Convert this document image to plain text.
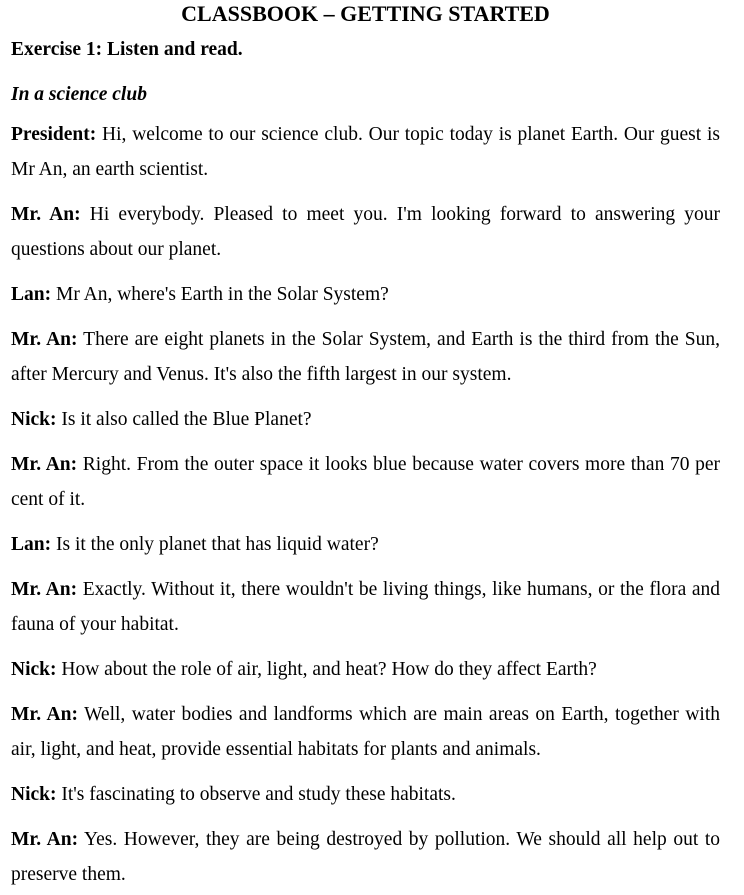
CLASSBOOK – GETTING STARTED

Exercise 1: Listen and read.

In a science club

President: Hi, welcome to our science club. Our topic today is planet Earth. Our guest is Mr An, an earth scientist.

Mr. An: Hi everybody. Pleased to meet you. I'm looking forward to answering your questions about our planet.

Lan: Mr An, where's Earth in the Solar System?

Mr. An: There are eight planets in the Solar System, and Earth is the third from the Sun, after Mercury and Venus. It's also the fifth largest in our system.

Nick: Is it also called the Blue Planet?

Mr. An: Right. From the outer space it looks blue because water covers more than 70 per cent of it.

Lan: Is it the only planet that has liquid water?

Mr. An: Exactly. Without it, there wouldn't be living things, like humans, or the flora and fauna of your habitat.

Nick: How about the role of air, light, and heat? How do they affect Earth?

Mr. An: Well, water bodies and landforms which are main areas on Earth, together with air, light, and heat, provide essential habitats for plants and animals.

Nick: It's fascinating to observe and study these habitats.

Mr. An: Yes. However, they are being destroyed by pollution. We should all help out to preserve them.
